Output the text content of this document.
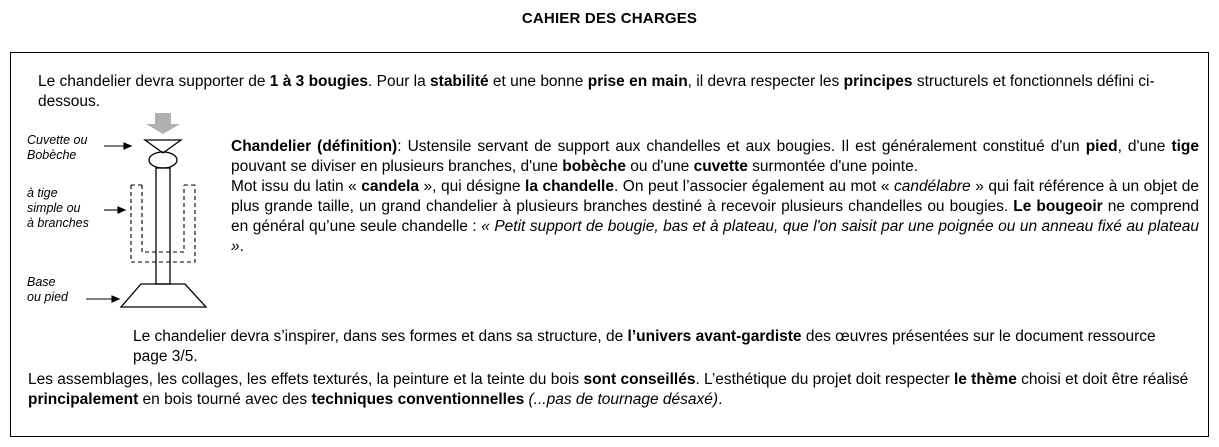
CAHIER DES CHARGES

Le chandelier devra supporter de 1 à 3 bougies. Pour la stabilité et une bonne prise en main, il devra respecter les principes structurels et fonctionnels défini ci-dessous.

Cuvette ou
Bobèche
à tige
simple ou
à branches
Base
ou pied

Chandelier (définition): Ustensile servant de support aux chandelles et aux bougies. Il est généralement constitué d'un pied, d'une tige pouvant se diviser en plusieurs branches, d'une bobèche ou d'une cuvette surmontée d'une pointe.
Mot issu du latin « candela », qui désigne la chandelle. On peut l’associer également au mot « candélabre » qui fait référence à un objet de plus grande taille, un grand chandelier à plusieurs branches destiné à recevoir plusieurs chandelles ou bougies. Le bougeoir ne comprend en général qu’une seule chandelle : « Petit support de bougie, bas et à plateau, que l'on saisit par une poignée ou un anneau fixé au plateau ».

Le chandelier devra s’inspirer, dans ses formes et dans sa structure, de l’univers avant-gardiste des œuvres présentées sur le document ressource page 3/5.

Les assemblages, les collages, les effets texturés, la peinture et la teinte du bois sont conseillés. L’esthétique du projet doit respecter le thème choisi et doit être réalisé principalement en bois tourné avec des techniques conventionnelles (...pas de tournage désaxé).
